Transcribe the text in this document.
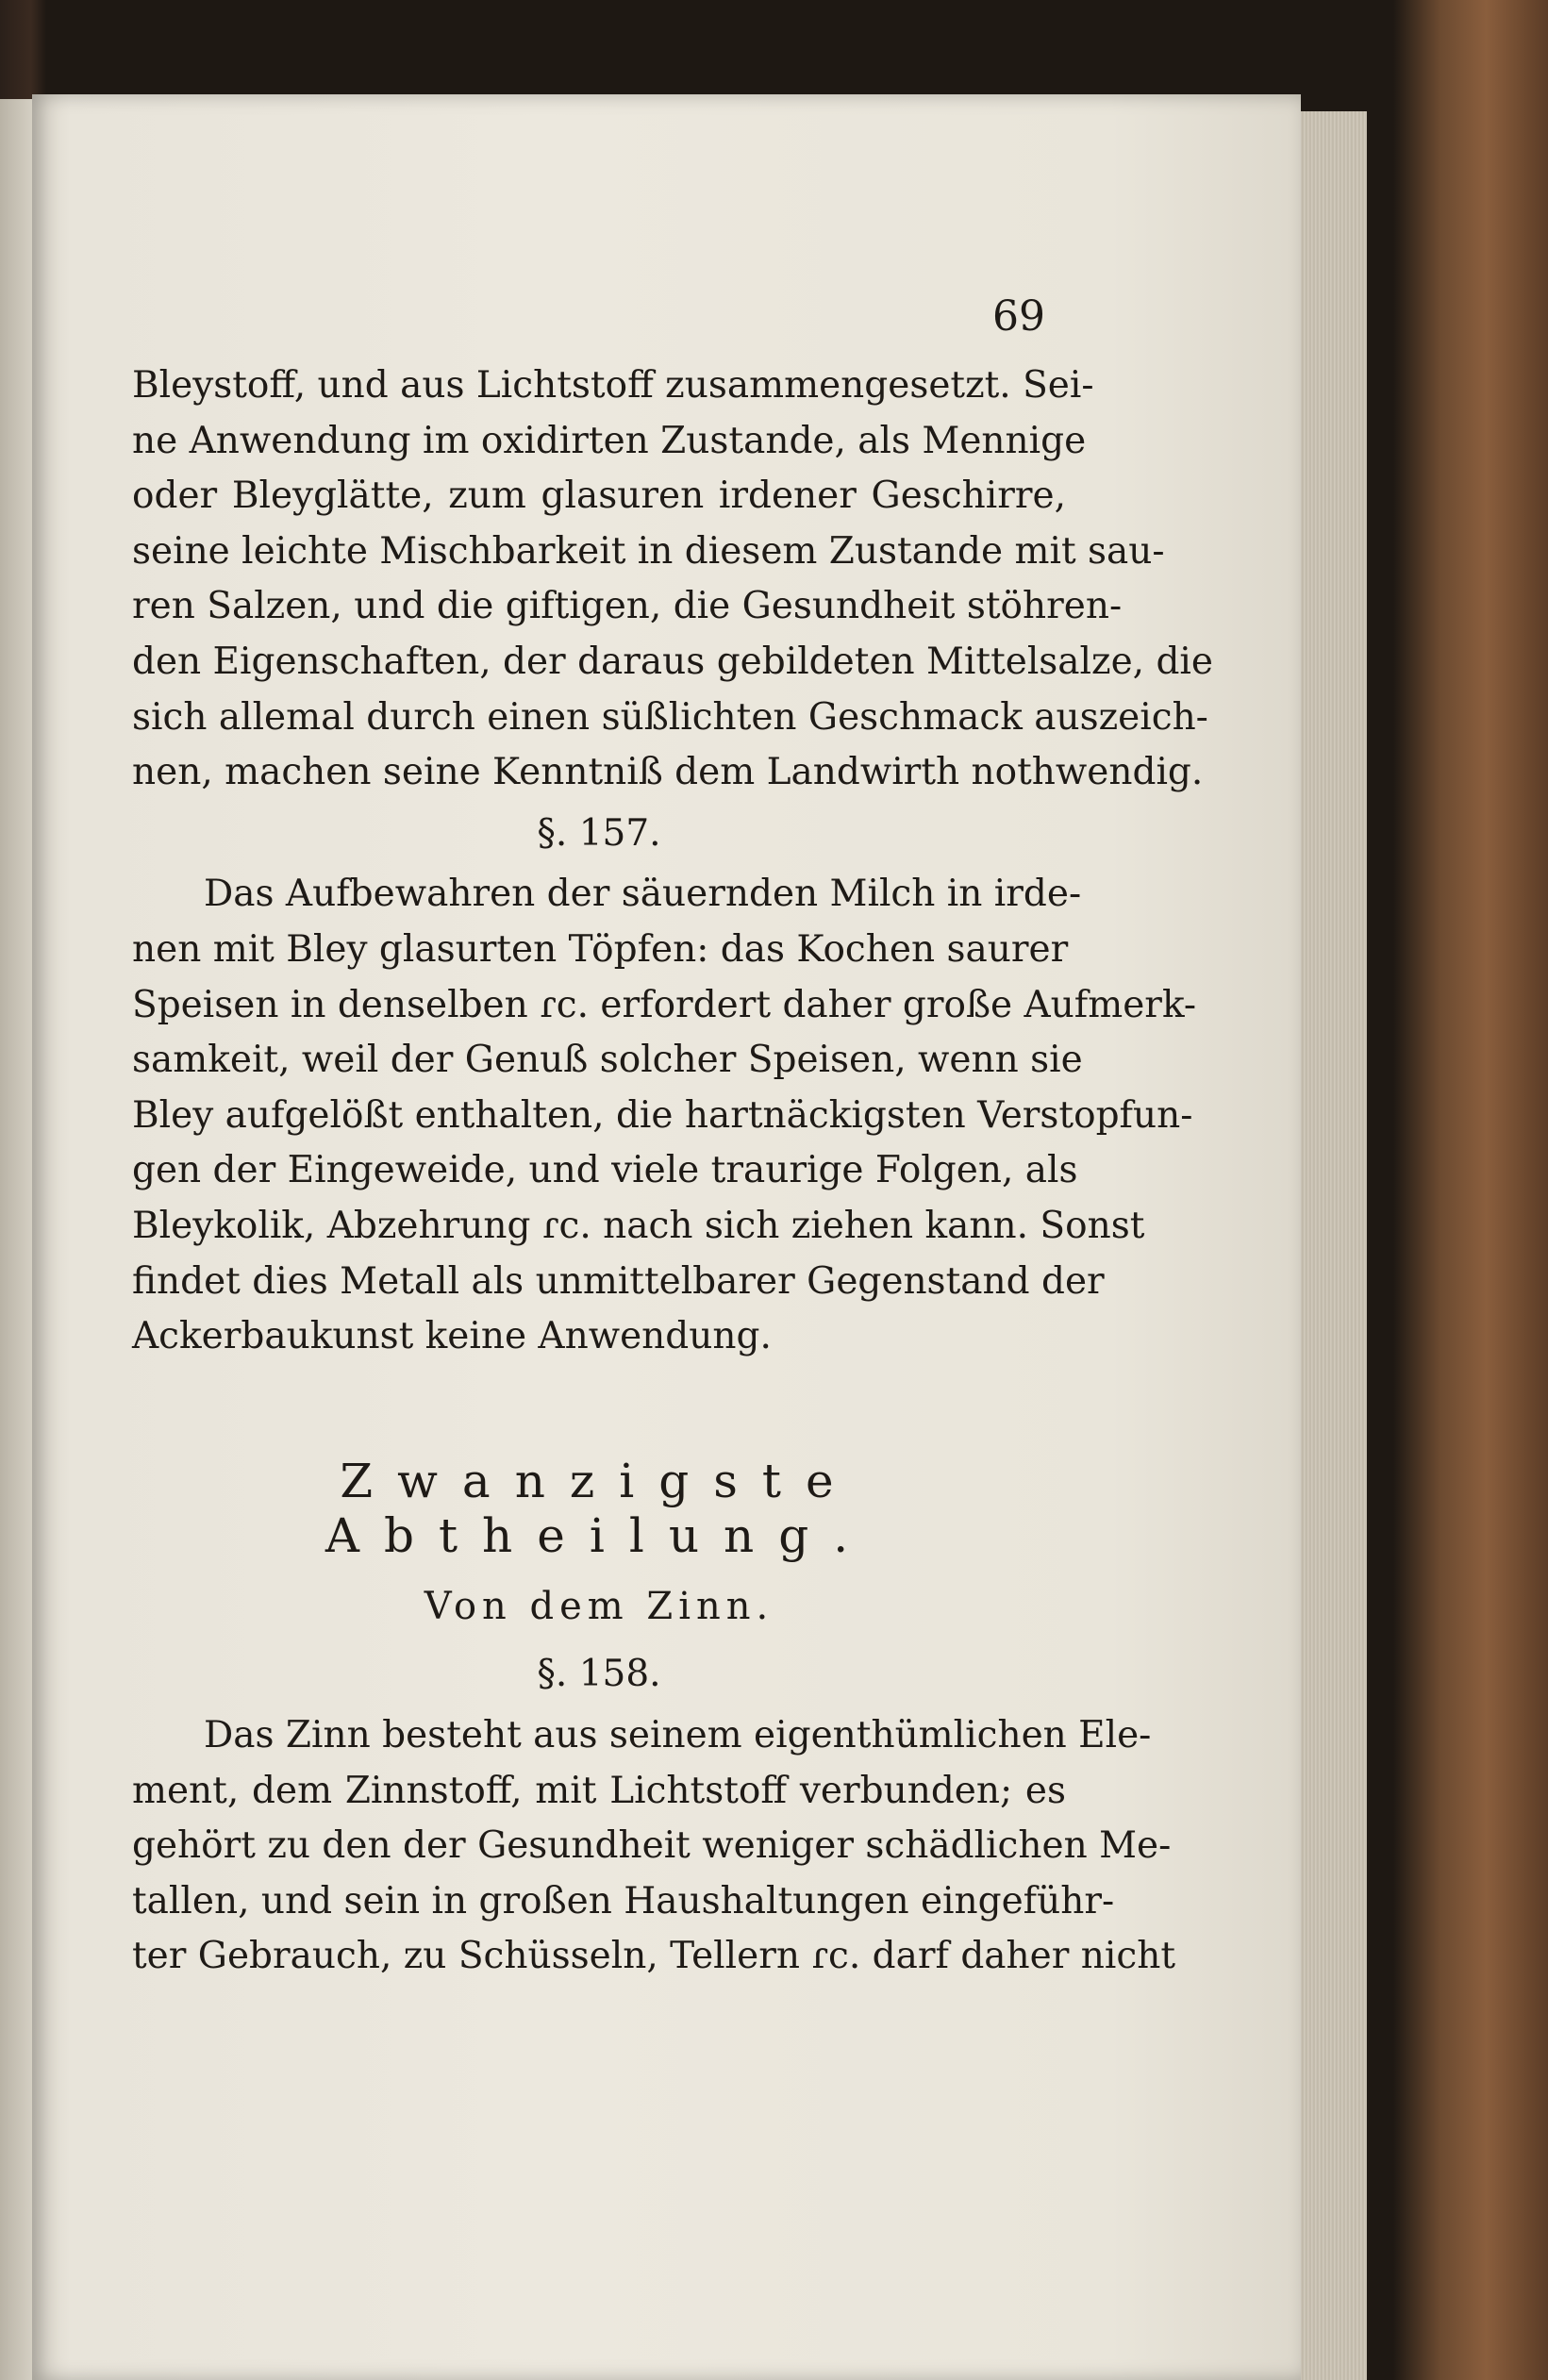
69
Bleystoff, und aus Lichtstoff zusammengesetzt. Sei-
ne Anwendung im oxidirten Zustande, als Mennige
oder Bleyglätte, zum glasuren irdener Geschirre,
seine leichte Mischbarkeit in diesem Zustande mit sau-
ren Salzen, und die giftigen, die Gesundheit stöhren-
den Eigenschaften, der daraus gebildeten Mittelsalze, die
sich allemal durch einen süßlichten Geschmack auszeich-
nen, machen seine Kenntniß dem Landwirth nothwendig.
§. 157.
Das Aufbewahren der säuernden Milch in irde-
nen mit Bley glasurten Töpfen: das Kochen saurer
Speisen in denselben ɾc. erfordert daher große Aufmerk-
samkeit, weil der Genuß solcher Speisen, wenn sie
Bley aufgelößt enthalten, die hartnäckigsten Verstopfun-
gen der Eingeweide, und viele traurige Folgen, als
Bleykolik, Abzehrung ɾc. nach sich ziehen kann. Sonst
findet dies Metall als unmittelbarer Gegenstand der
Ackerbaukunst keine Anwendung.
Zwanzigste Abtheilung.
Von dem Zinn.
§. 158.
Das Zinn besteht aus seinem eigenthümlichen Ele-
ment, dem Zinnstoff, mit Lichtstoff verbunden; es
gehört zu den der Gesundheit weniger schädlichen Me-
tallen, und sein in großen Haushaltungen eingeführ-
ter Gebrauch, zu Schüsseln, Tellern ɾc. darf daher nicht
